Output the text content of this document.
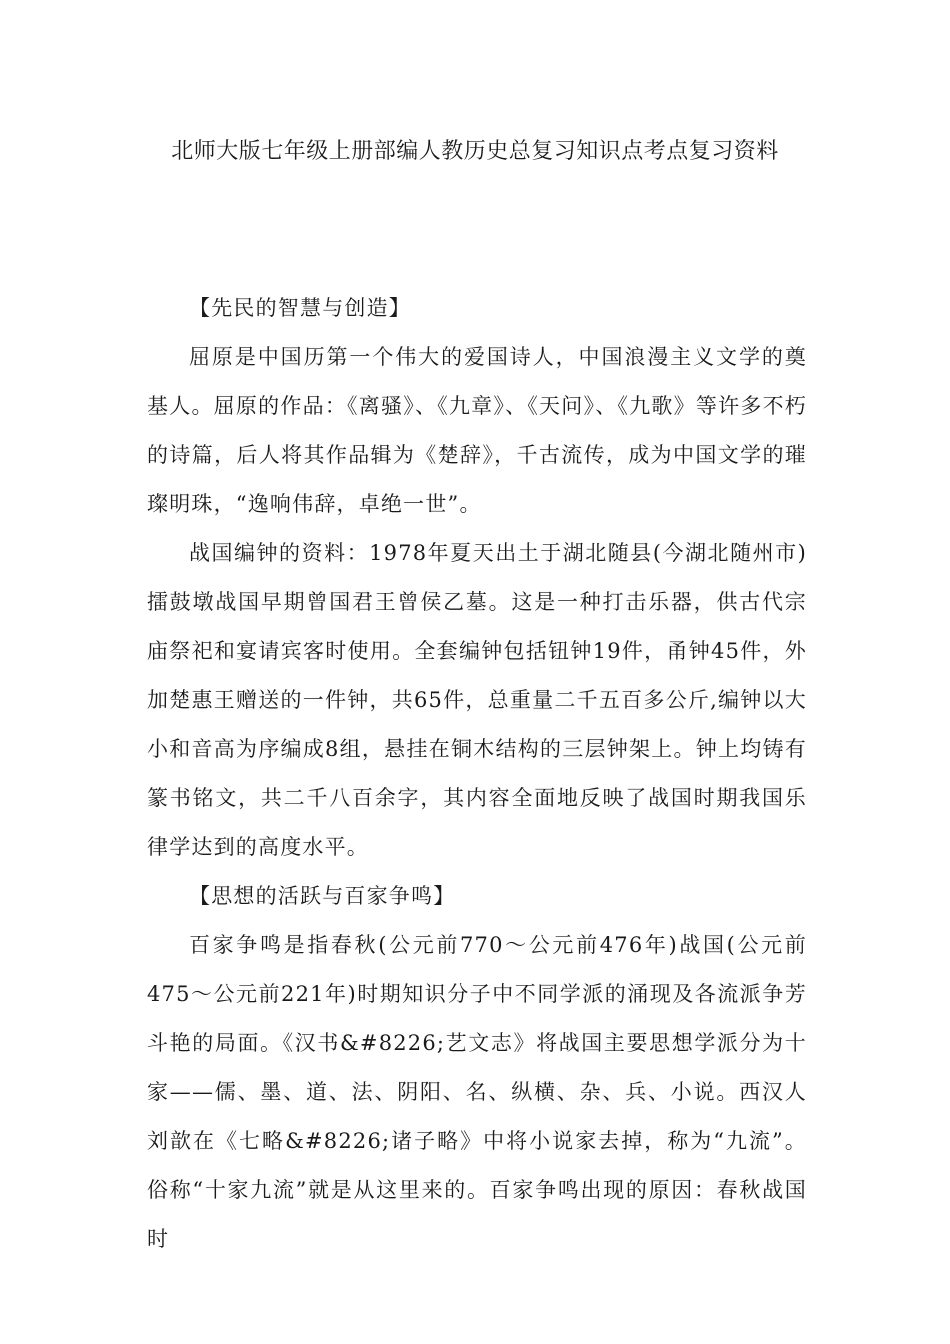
北师大版七年级上册部编人教历史总复习知识点考点复习资料
【先民的智慧与创造】

屈原是中国历第一个伟大的爱国诗人，中国浪漫主义文学的奠基人。屈原的作品：《离骚》、《九章》、《天问》、《九歌》等许多不朽的诗篇，后人将其作品辑为《楚辞》，千古流传，成为中国文学的璀璨明珠，“逸响伟辞，卓绝一世”。

战国编钟的资料：1978年夏天出土于湖北随县(今湖北随州市)擂鼓墩战国早期曾国君王曾侯乙墓。这是一种打击乐器，供古代宗庙祭祀和宴请宾客时使用。全套编钟包括钮钟19件，甬钟45件，外加楚惠王赠送的一件钟，共65件，总重量二千五百多公斤,编钟以大小和音高为序编成8组，悬挂在铜木结构的三层钟架上。钟上均铸有篆书铭文，共二千八百余字，其内容全面地反映了战国时期我国乐律学达到的高度水平。

【思想的活跃与百家争鸣】

百家争鸣是指春秋(公元前770～公元前476年)战国(公元前475～公元前221年)时期知识分子中不同学派的涌现及各流派争芳斗艳的局面。《汉书&#8226;艺文志》将战国主要思想学派分为十家——儒、墨、道、法、阴阳、名、纵横、杂、兵、小说。西汉人刘歆在《七略&#8226;诸子略》中将小说家去掉，称为“九流”。俗称“十家九流”就是从这里来的。百家争鸣出现的原因：春秋战国时
